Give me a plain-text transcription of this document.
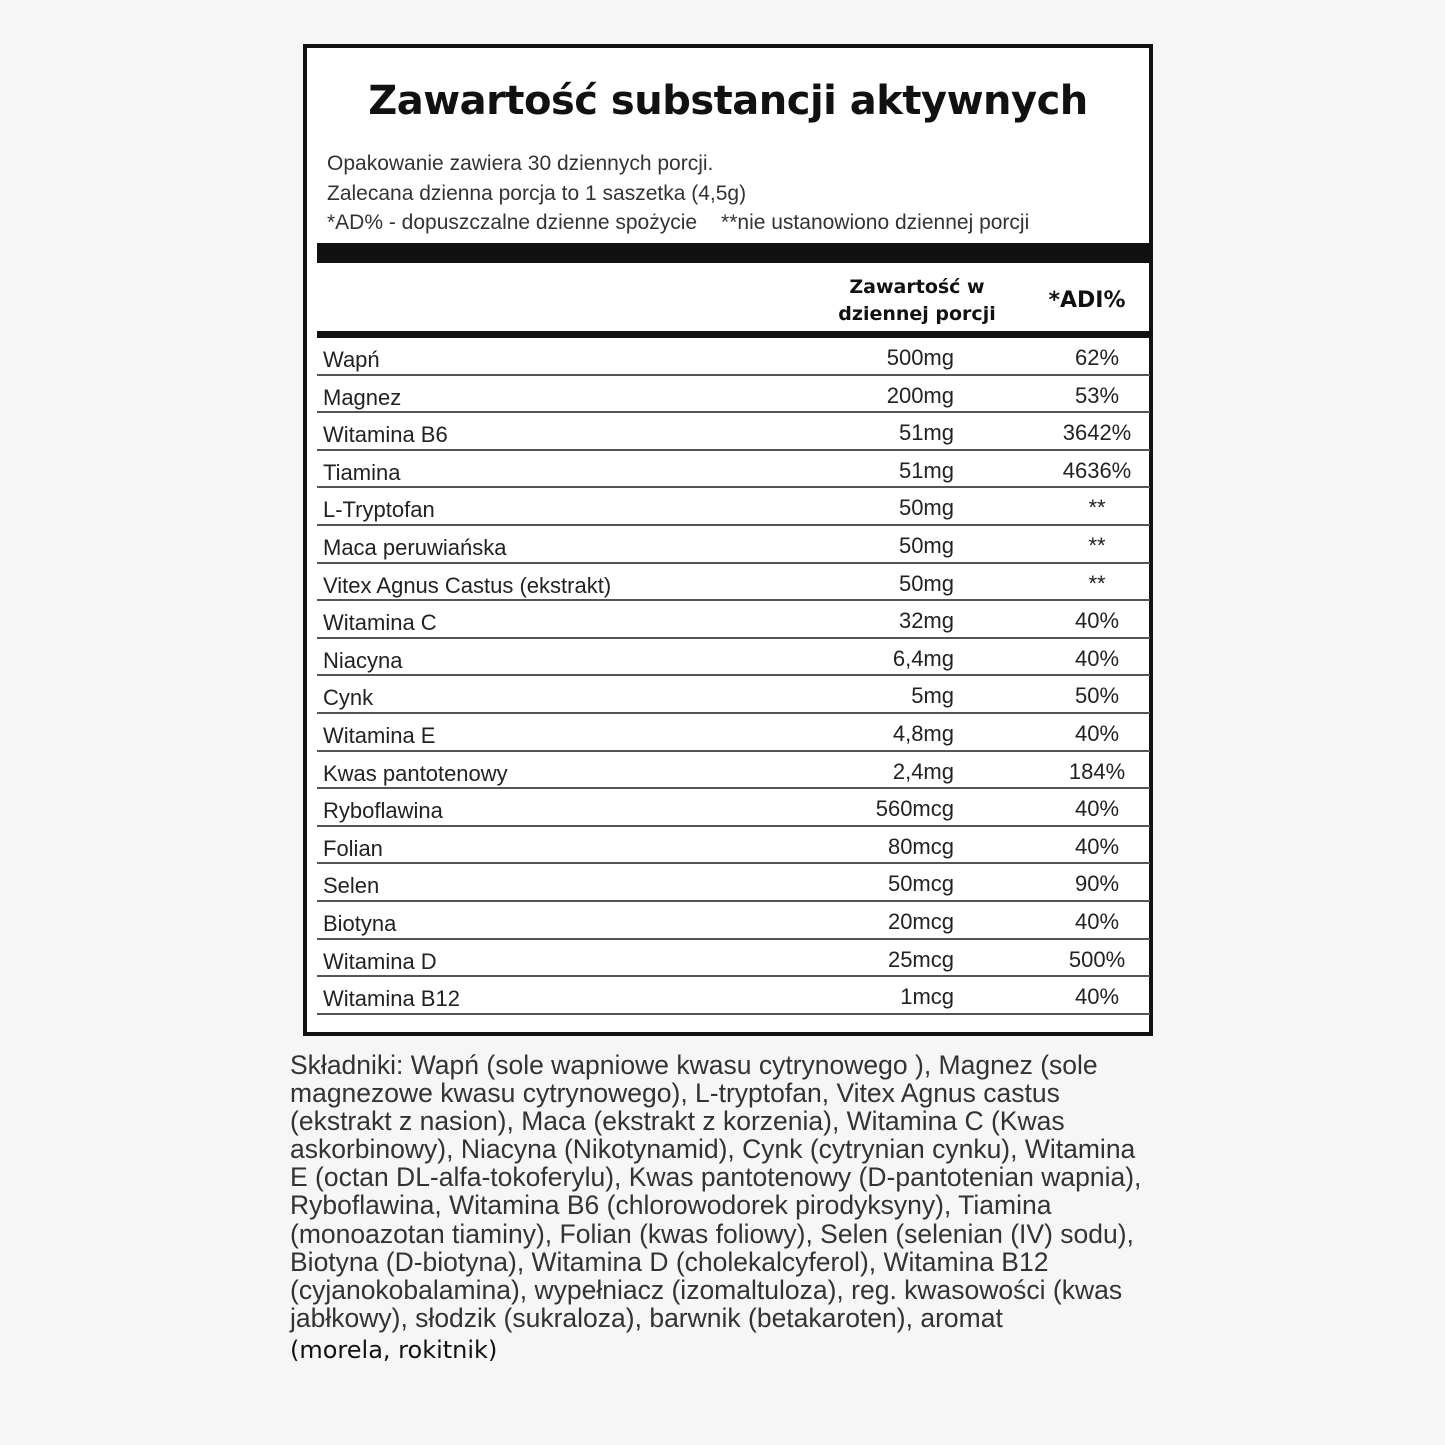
Zawartość substancji aktywnych
Opakowanie zawiera 30 dziennych porcji.
Zalecana dzienna porcja to 1 saszetka (4,5g)
*AD% - dopuszczalne dzienne spożycie **nie ustanowiono dziennej porcji
Zawartość w
dziennej porcji
*ADI%
Wapń	500mg	62%
Magnez	200mg	53%
Witamina B6	51mg	3642%
Tiamina	51mg	4636%
L-Tryptofan	50mg	**
Maca peruwiańska	50mg	**
Vitex Agnus Castus (ekstrakt)	50mg	**
Witamina C	32mg	40%
Niacyna	6,4mg	40%
Cynk	5mg	50%
Witamina E	4,8mg	40%
Kwas pantotenowy	2,4mg	184%
Ryboflawina	560mcg	40%
Folian	80mcg	40%
Selen	50mcg	90%
Biotyna	20mcg	40%
Witamina D	25mcg	500%
Witamina B12	1mcg	40%
Składniki: Wapń (sole wapniowe kwasu cytrynowego ), Magnez (sole
magnezowe kwasu cytrynowego), L-tryptofan, Vitex Agnus castus
(ekstrakt z nasion), Maca (ekstrakt z korzenia), Witamina C (Kwas
askorbinowy), Niacyna (Nikotynamid), Cynk (cytrynian cynku), Witamina
E (octan DL-alfa-tokoferylu), Kwas pantotenowy (D-pantotenian wapnia),
Ryboflawina, Witamina B6 (chlorowodorek pirodyksyny), Tiamina
(monoazotan tiaminy), Folian (kwas foliowy), Selen (selenian (IV) sodu),
Biotyna (D-biotyna), Witamina D (cholekalcyferol), Witamina B12
(cyjanokobalamina), wypełniacz (izomaltuloza), reg. kwasowości (kwas
jabłkowy), słodzik (sukraloza), barwnik (betakaroten), aromat
(morela, rokitnik)
